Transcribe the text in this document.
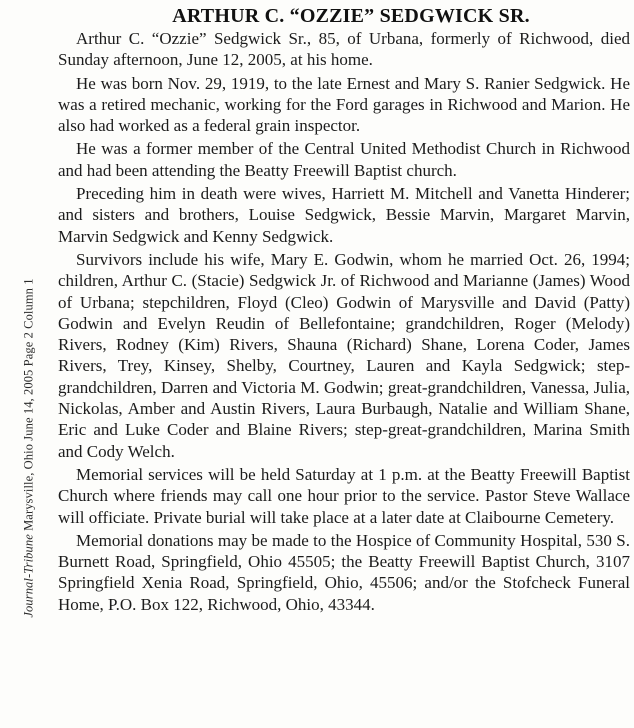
Journal-Tribune Marysville, Ohio June 14, 2005 Page 2 Column 1
ARTHUR C. “OZZIE” SEDGWICK SR.

Arthur C. “Ozzie” Sedgwick Sr., 85, of Urbana, formerly of Richwood, died Sunday afternoon, June 12, 2005, at his home.

He was born Nov. 29, 1919, to the late Ernest and Mary S. Ranier Sedgwick. He was a retired mechanic, working for the Ford garages in Richwood and Marion. He also had worked as a federal grain inspector.

He was a former member of the Central United Methodist Church in Richwood and had been attending the Beatty Freewill Baptist church.

Preceding him in death were wives, Harriett M. Mitchell and Vanetta Hinderer; and sisters and brothers, Louise Sedgwick, Bessie Marvin, Margaret Marvin, Marvin Sedgwick and Kenny Sedgwick.

Survivors include his wife, Mary E. Godwin, whom he married Oct. 26, 1994; children, Arthur C. (Stacie) Sedgwick Jr. of Richwood and Marianne (James) Wood of Urbana; stepchildren, Floyd (Cleo) Godwin of Marysville and David (Patty) Godwin and Evelyn Reudin of Bellefontaine; grandchildren, Roger (Melody) Rivers, Rodney (Kim) Rivers, Shauna (Richard) Shane, Lorena Coder, James Rivers, Trey, Kinsey, Shelby, Courtney, Lauren and Kayla Sedgwick; step-grandchildren, Darren and Victoria M. Godwin; great-grandchildren, Vanessa, Julia, Nickolas, Amber and Austin Rivers, Laura Burbaugh, Natalie and William Shane, Eric and Luke Coder and Blaine Rivers; step-great-grandchildren, Marina Smith and Cody Welch.

Memorial services will be held Saturday at 1 p.m. at the Beatty Freewill Baptist Church where friends may call one hour prior to the service. Pastor Steve Wallace will officiate. Private burial will take place at a later date at Claibourne Cemetery.

Memorial donations may be made to the Hospice of Community Hospital, 530 S. Burnett Road, Springfield, Ohio 45505; the Beatty Freewill Baptist Church, 3107 Springfield Xenia Road, Springfield, Ohio, 45506; and/or the Stofcheck Funeral Home, P.O. Box 122, Richwood, Ohio, 43344.
